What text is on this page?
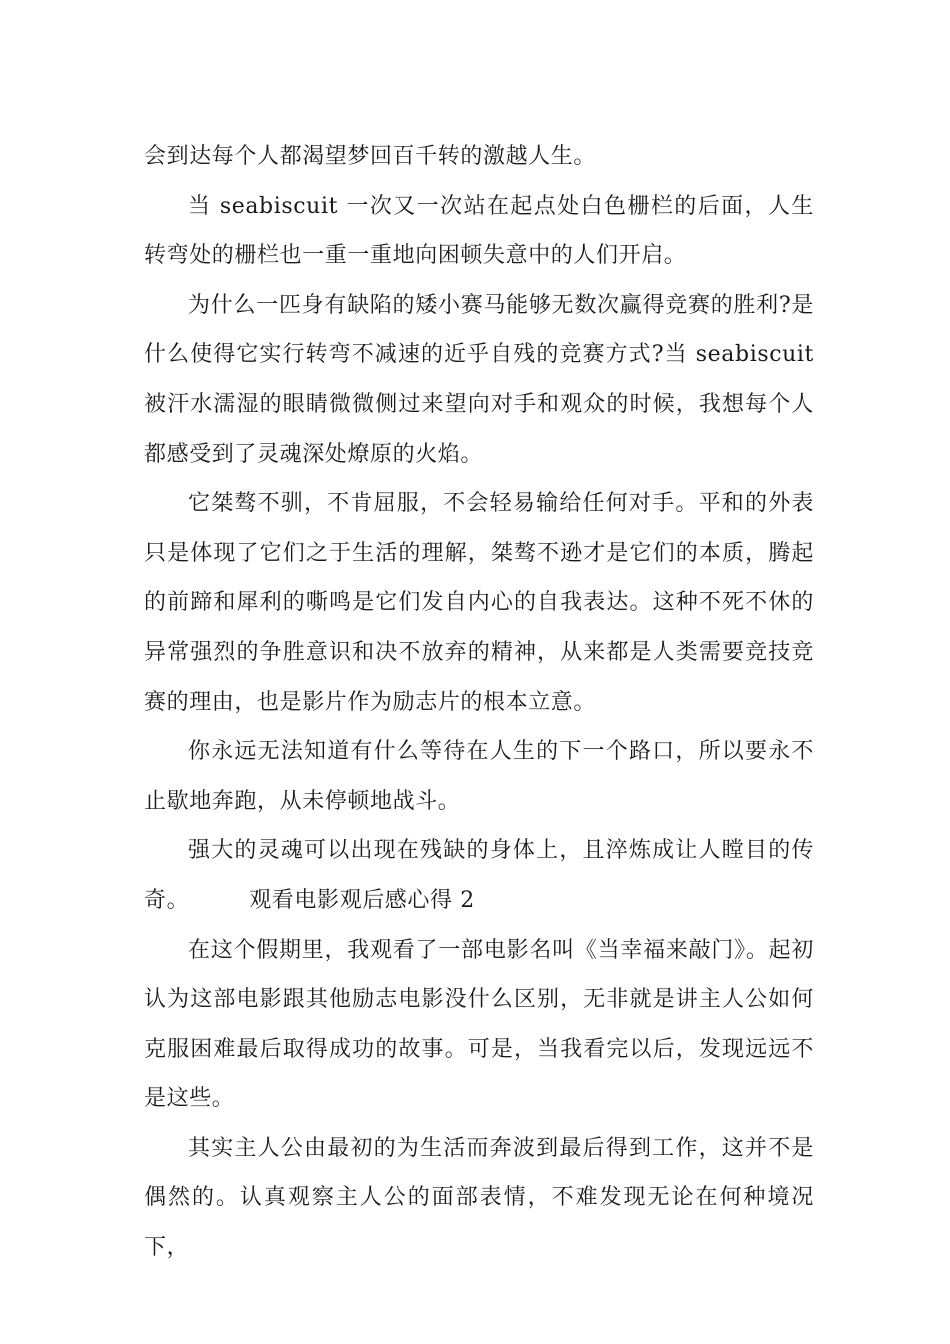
会到达每个人都渴望梦回百千转的激越人生。

当 seabiscuit 一次又一次站在起点处白色栅栏的后面，人生转弯处的栅栏也一重一重地向困顿失意中的人们开启。

为什么一匹身有缺陷的矮小赛马能够无数次赢得竞赛的胜利?是什么使得它实行转弯不减速的近乎自残的竞赛方式?当 seabiscuit 被汗水濡湿的眼睛微微侧过来望向对手和观众的时候，我想每个人都感受到了灵魂深处燎原的火焰。

它桀骜不驯，不肯屈服，不会轻易输给任何对手。平和的外表只是体现了它们之于生活的理解，桀骜不逊才是它们的本质，腾起的前蹄和犀利的嘶鸣是它们发自内心的自我表达。这种不死不休的异常强烈的争胜意识和决不放弃的精神，从来都是人类需要竞技竞赛的理由，也是影片作为励志片的根本立意。

你永远无法知道有什么等待在人生的下一个路口，所以要永不止歇地奔跑，从未停顿地战斗。

强大的灵魂可以出现在残缺的身体上，且淬炼成让人瞠目的传奇。	观看电影观后感心得 2

在这个假期里，我观看了一部电影名叫《当幸福来敲门》。起初认为这部电影跟其他励志电影没什么区别，无非就是讲主人公如何克服困难最后取得成功的故事。可是，当我看完以后，发现远远不是这些。

其实主人公由最初的为生活而奔波到最后得到工作，这并不是偶然的。认真观察主人公的面部表情，不难发现无论在何种境况下，
